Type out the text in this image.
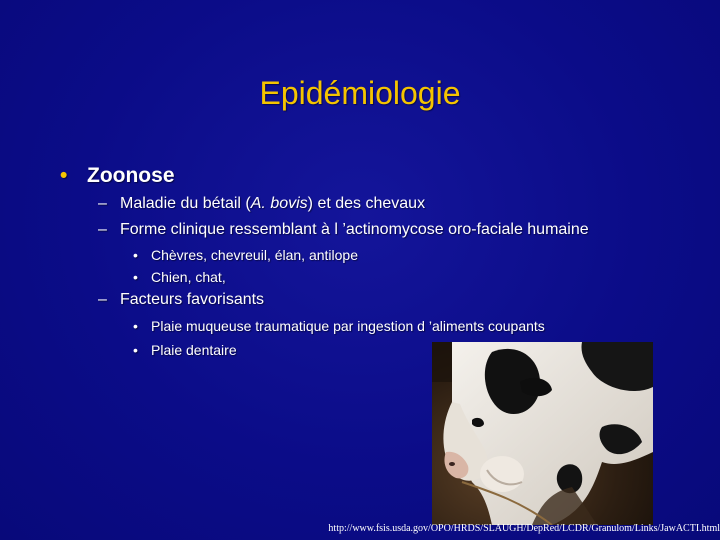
Epidémiologie
• Zoonose
– Maladie du bétail (A. bovis) et des chevaux
– Forme clinique ressemblant à l ’actinomycose oro-faciale humaine
• Chèvres, chevreuil, élan, antilope
• Chien, chat,
– Facteurs favorisants
• Plaie muqueuse traumatique par ingestion d ’aliments coupants
• Plaie dentaire
http://www.fsis.usda.gov/OPO/HRDS/SLAUGH/DepRed/LCDR/Granulom/Links/JawACTI.html
